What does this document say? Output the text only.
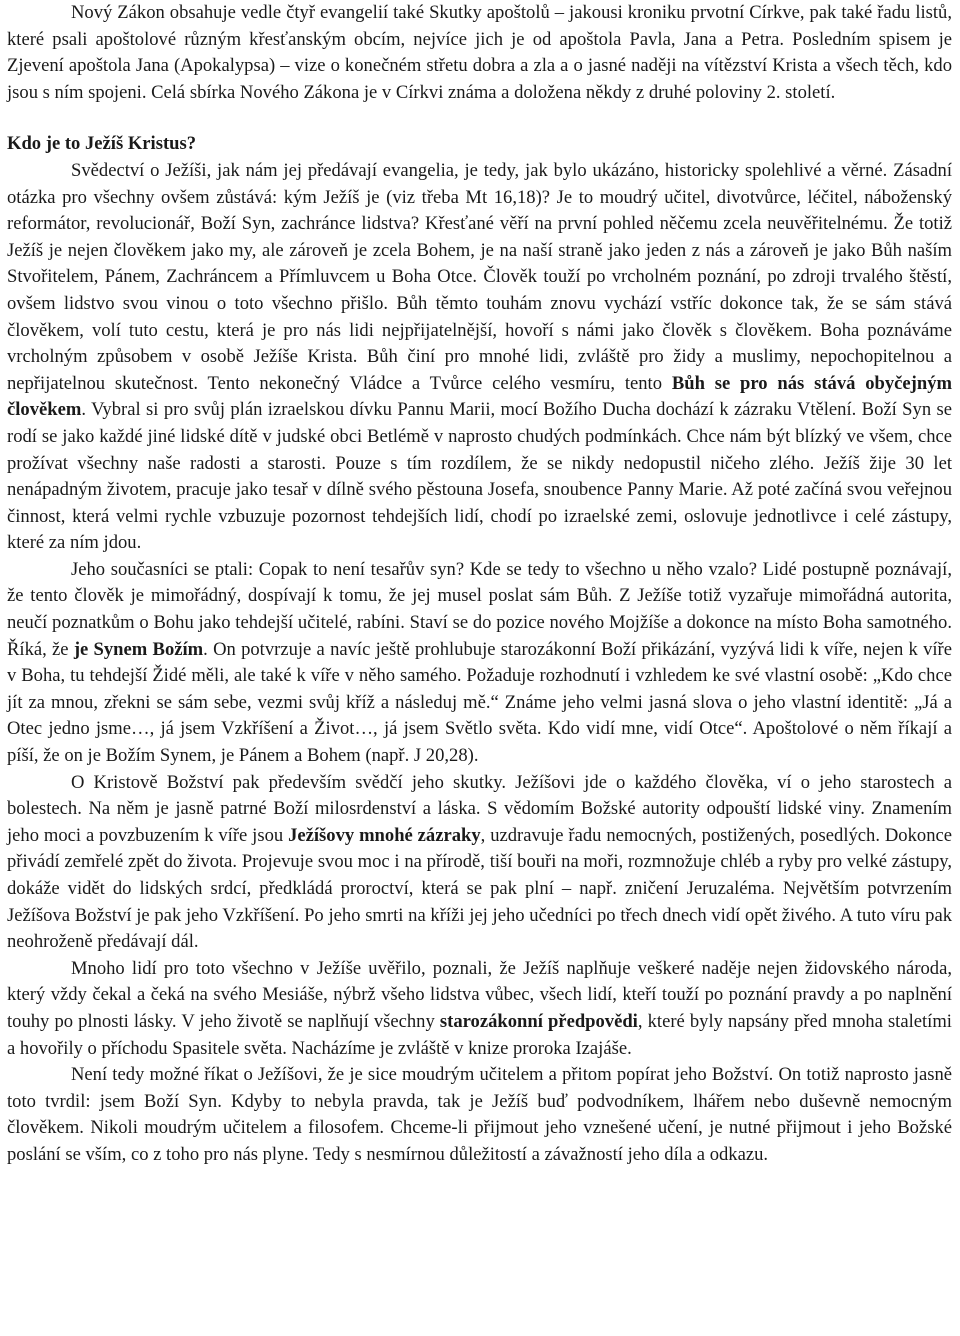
Nový Zákon obsahuje vedle čtyř evangelií také Skutky apoštolů – jakousi kroniku prvotní Církve, pak také řadu listů, které psali apoštolové různým křesťanským obcím, nejvíce jich je od apoštola Pavla, Jana a Petra. Posledním spisem je Zjevení apoštola Jana (Apokalypsa) – vize o konečném střetu dobra a zla a o jasné naději na vítězství Krista a všech těch, kdo jsou s ním spojeni. Celá sbírka Nového Zákona je v Církvi známa a doložena někdy z druhé poloviny 2. století.

Kdo je to Ježíš Kristus?

Svědectví o Ježíši, jak nám jej předávají evangelia, je tedy, jak bylo ukázáno, historicky spolehlivé a věrné. Zásadní otázka pro všechny ovšem zůstává: kým Ježíš je (viz třeba Mt 16,18)? Je to moudrý učitel, divotvůrce, léčitel, náboženský reformátor, revolucionář, Boží Syn, zachránce lidstva? Křesťané věří na první pohled něčemu zcela neuvěřitelnému. Že totiž Ježíš je nejen člověkem jako my, ale zároveň je zcela Bohem, je na naší straně jako jeden z nás a zároveň je jako Bůh naším Stvořitelem, Pánem, Zachráncem a Přímluvcem u Boha Otce. Člověk touží po vrcholném poznání, po zdroji trvalého štěstí, ovšem lidstvo svou vinou o toto všechno přišlo. Bůh těmto touhám znovu vychází vstříc dokonce tak, že se sám stává člověkem, volí tuto cestu, která je pro nás lidi nejpřijatelnější, hovoří s námi jako člověk s člověkem. Boha poznáváme vrcholným způsobem v osobě Ježíše Krista. Bůh činí pro mnohé lidi, zvláště pro židy a muslimy, nepochopitelnou a nepřijatelnou skutečnost. Tento nekonečný Vládce a Tvůrce celého vesmíru, tento Bůh se pro nás stává obyčejným člověkem. Vybral si pro svůj plán izraelskou dívku Pannu Marii, mocí Božího Ducha dochází k zázraku Vtělení. Boží Syn se rodí se jako každé jiné lidské dítě v judské obci Betlémě v naprosto chudých podmínkách. Chce nám být blízký ve všem, chce prožívat všechny naše radosti a starosti. Pouze s tím rozdílem, že se nikdy nedopustil ničeho zlého. Ježíš žije 30 let nenápadným životem, pracuje jako tesař v dílně svého pěstouna Josefa, snoubence Panny Marie. Až poté začíná svou veřejnou činnost, která velmi rychle vzbuzuje pozornost tehdejších lidí, chodí po izraelské zemi, oslovuje jednotlivce i celé zástupy, které za ním jdou.

Jeho současníci se ptali: Copak to není tesařův syn? Kde se tedy to všechno u něho vzalo? Lidé postupně poznávají, že tento člověk je mimořádný, dospívají k tomu, že jej musel poslat sám Bůh. Z Ježíše totiž vyzařuje mimořádná autorita, neučí poznatkům o Bohu jako tehdejší učitelé, rabíni. Staví se do pozice nového Mojžíše a dokonce na místo Boha samotného. Říká, že je Synem Božím. On potvrzuje a navíc ještě prohlubuje starozákonní Boží přikázání, vyzývá lidi k víře, nejen k víře v Boha, tu tehdejší Židé měli, ale také k víře v něho samého. Požaduje rozhodnutí i vzhledem ke své vlastní osobě: „Kdo chce jít za mnou, zřekni se sám sebe, vezmi svůj kříž a následuj mě.“ Známe jeho velmi jasná slova o jeho vlastní identitě: „Já a Otec jedno jsme…, já jsem Vzkříšení a Život…, já jsem Světlo světa. Kdo vidí mne, vidí Otce“. Apoštolové o něm říkají a píší, že on je Božím Synem, je Pánem a Bohem (např. J 20,28).

O Kristově Božství pak především svědčí jeho skutky. Ježíšovi jde o každého člověka, ví o jeho starostech a bolestech. Na něm je jasně patrné Boží milosrdenství a láska. S vědomím Božské autority odpouští lidské viny. Znamením jeho moci a povzbuzením k víře jsou Ježíšovy mnohé zázraky, uzdravuje řadu nemocných, postižených, posedlých. Dokonce přivádí zemřelé zpět do života. Projevuje svou moc i na přírodě, tiší bouři na moři, rozmnožuje chléb a ryby pro velké zástupy, dokáže vidět do lidských srdcí, předkládá proroctví, která se pak plní – např. zničení Jeruzaléma. Největším potvrzením Ježíšova Božství je pak jeho Vzkříšení. Po jeho smrti na kříži jej jeho učedníci po třech dnech vidí opět živého. A tuto víru pak neohroženě předávají dál.

Mnoho lidí pro toto všechno v Ježíše uvěřilo, poznali, že Ježíš naplňuje veškeré naděje nejen židovského národa, který vždy čekal a čeká na svého Mesiáše, nýbrž všeho lidstva vůbec, všech lidí, kteří touží po poznání pravdy a po naplnění touhy po plnosti lásky. V jeho životě se naplňují všechny starozákonní předpovědi, které byly napsány před mnoha staletími a hovořily o příchodu Spasitele světa. Nacházíme je zvláště v knize proroka Izajáše.

Není tedy možné říkat o Ježíšovi, že je sice moudrým učitelem a přitom popírat jeho Božství. On totiž naprosto jasně toto tvrdil: jsem Boží Syn. Kdyby to nebyla pravda, tak je Ježíš buď podvodníkem, lhářem nebo duševně nemocným člověkem. Nikoli moudrým učitelem a filosofem. Chceme-li přijmout jeho vznešené učení, je nutné přijmout i jeho Božské poslání se vším, co z toho pro nás plyne. Tedy s nesmírnou důležitostí a závažností jeho díla a odkazu.
